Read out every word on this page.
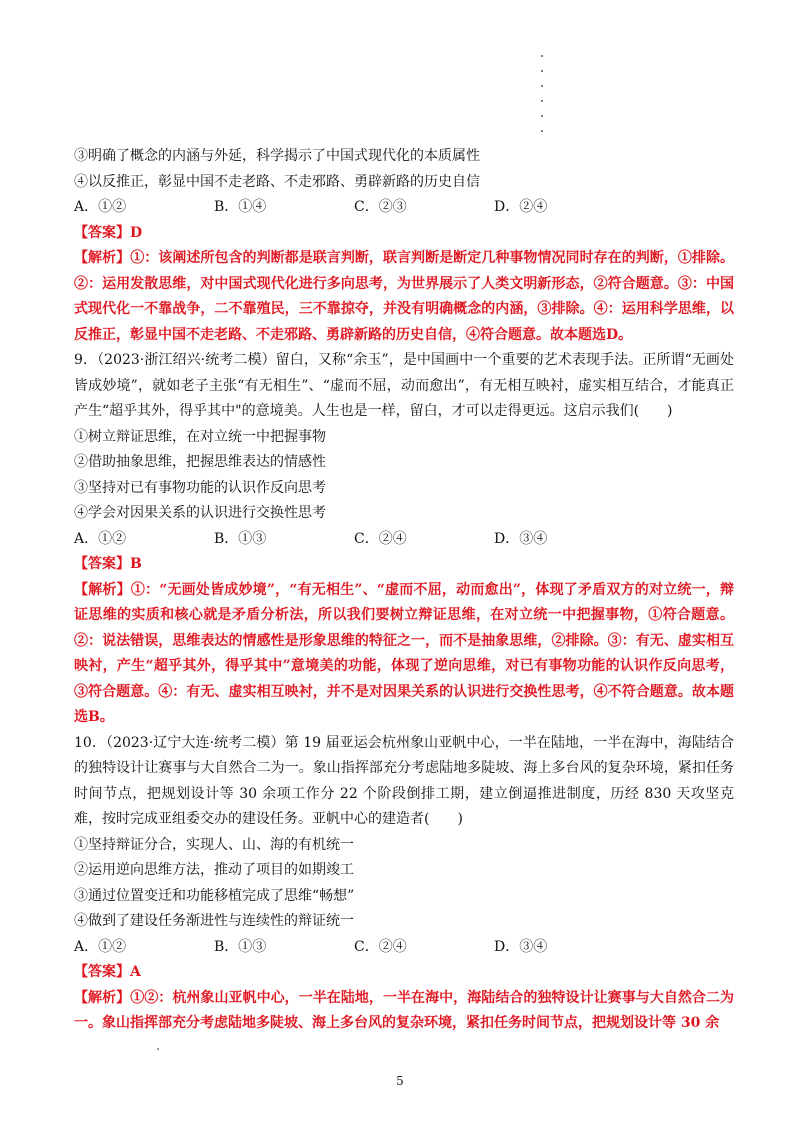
③明确了概念的内涵与外延，科学揭示了中国式现代化的本质属性
④以反推正，彰显中国不走老路、不走邪路、勇辟新路的历史自信
A．①②	B．①④	C．②③	D．②④
【答案】D
【解析】①：该阐述所包含的判断都是联言判断，联言判断是断定几种事物情况同时存在的判断，①排除。②：运用发散思维，对中国式现代化进行多向思考，为世界展示了人类文明新形态，②符合题意。③：中国式现代化一不靠战争，二不靠殖民，三不靠掠夺，并没有明确概念的内涵，③排除。④：运用科学思维，以反推正，彰显中国不走老路、不走邪路、勇辟新路的历史自信，④符合题意。故本题选D。
9．（2023·浙江绍兴·统考二模）留白，又称“余玉”，是中国画中一个重要的艺术表现手法。正所谓“无画处皆成妙境”，就如老子主张“有无相生”、“虚而不屈，动而愈出”，有无相互映衬，虚实相互结合，才能真正产生“超乎其外，得乎其中"的意境美。人生也是一样，留白，才可以走得更远。这启示我们(　　)
①树立辩证思维，在对立统一中把握事物
②借助抽象思维，把握思维表达的情感性
③坚持对已有事物功能的认识作反向思考
④学会对因果关系的认识进行交换性思考
A．①②	B．①③	C．②④	D．③④
【答案】B
【解析】①：“无画处皆成妙境”，“有无相生”、“虚而不屈，动而愈出”，体现了矛盾双方的对立统一，辩证思维的实质和核心就是矛盾分析法，所以我们要树立辩证思维，在对立统一中把握事物，①符合题意。②：说法错误，思维表达的情感性是形象思维的特征之一，而不是抽象思维，②排除。③：有无、虚实相互映衬，产生“超乎其外，得乎其中”意境美的功能，体现了逆向思维，对已有事物功能的认识作反向思考，③符合题意。④：有无、虚实相互映衬，并不是对因果关系的认识进行交换性思考，④不符合题意。故本题选B。
10．（2023·辽宁大连·统考二模）第 19 届亚运会杭州象山亚帆中心，一半在陆地，一半在海中，海陆结合的独特设计让赛事与大自然合二为一。象山指挥部充分考虑陆地多陡坡、海上多台风的复杂环境，紧扣任务时间节点，把规划设计等 30 余项工作分 22 个阶段倒排工期，建立倒逼推进制度，历经 830 天攻坚克难，按时完成亚组委交办的建设任务。亚帆中心的建造者(　　)
①坚持辩证分合，实现人、山、海的有机统一
②运用逆向思维方法，推动了项目的如期竣工
③通过位置变迁和功能移植完成了思维“畅想”
④做到了建设任务渐进性与连续性的辩证统一
A．①②	B．①③	C．②④	D．③④
【答案】A
【解析】①②：杭州象山亚帆中心，一半在陆地，一半在海中，海陆结合的独特设计让赛事与大自然合二为一。象山指挥部充分考虑陆地多陡坡、海上多台风的复杂环境，紧扣任务时间节点，把规划设计等 30 余
5
